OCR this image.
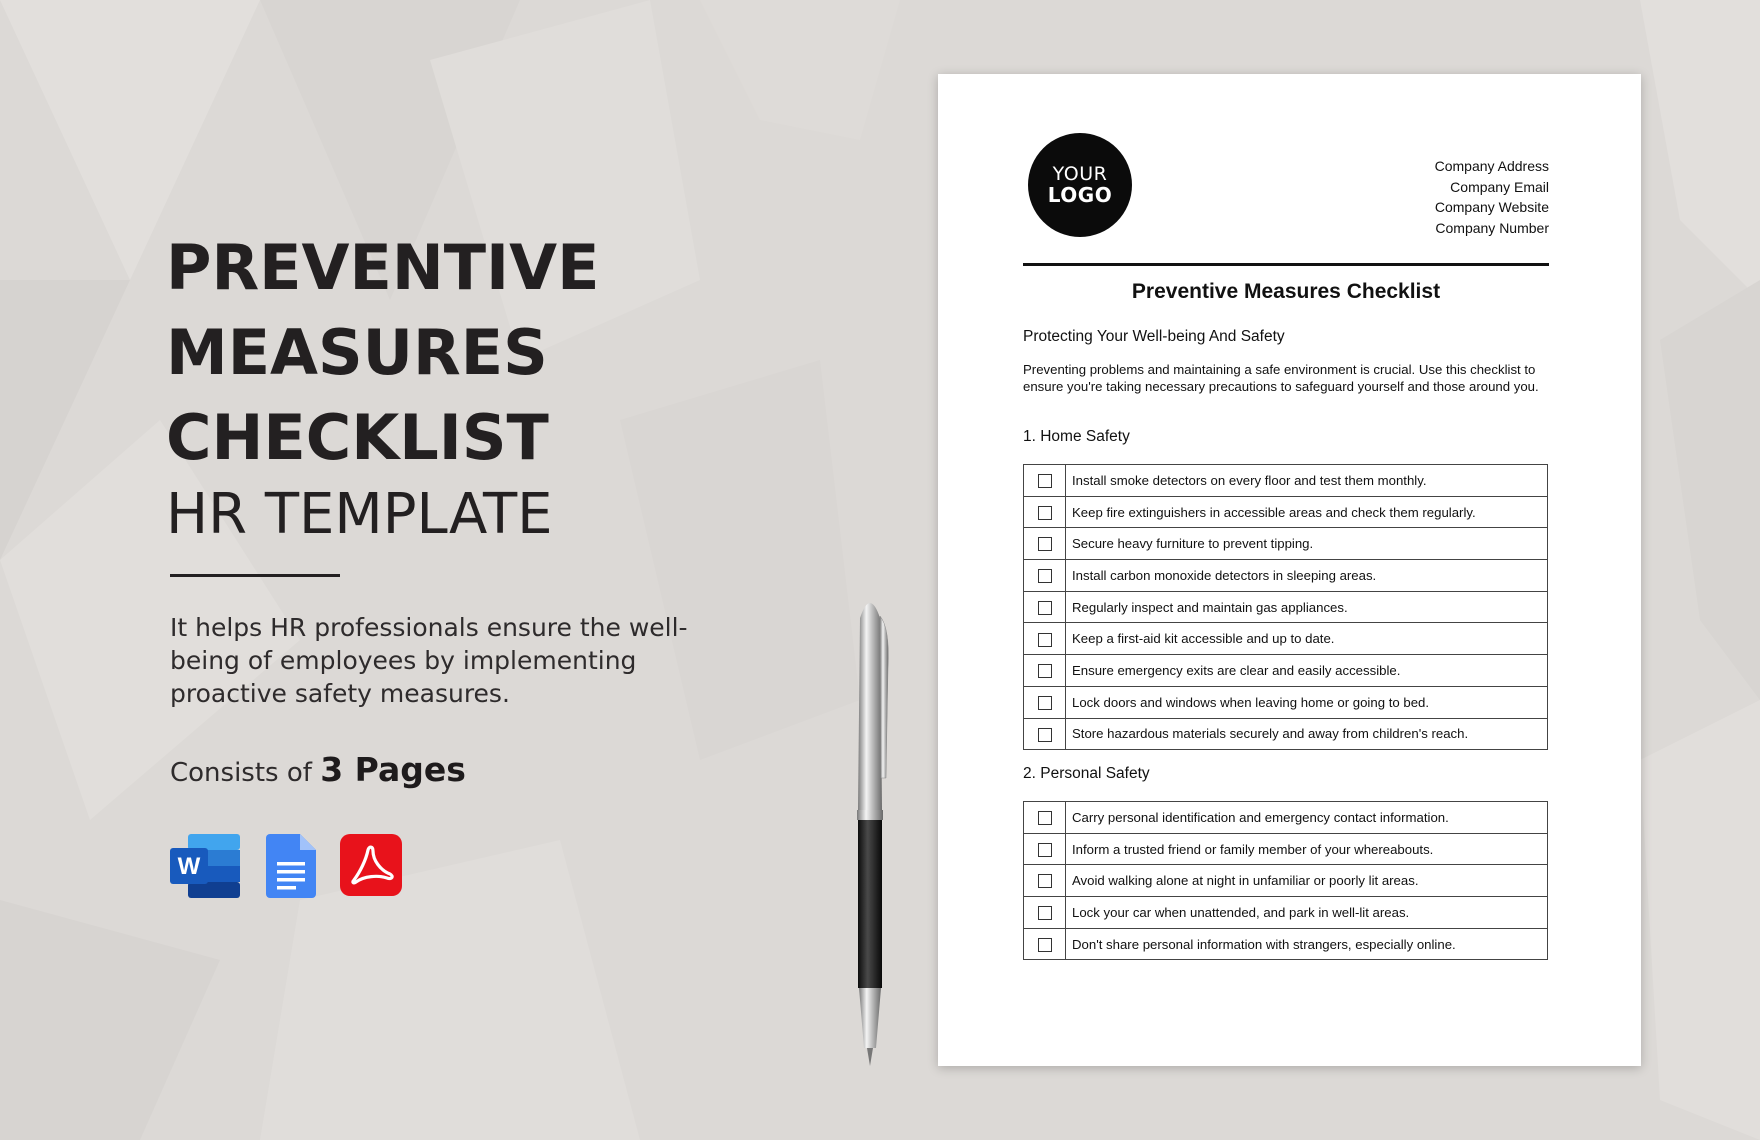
PREVENTIVE
MEASURES
CHECKLIST
HR TEMPLATE
It helps HR professionals ensure the well-being of employees by implementing proactive safety measures.
Consists of 3 Pages
W
YOUR
LOGO
Company Address
Company Email
Company Website
Company Number
Preventive Measures Checklist
Protecting Your Well-being And Safety
Preventing problems and maintaining a safe environment is crucial. Use this checklist to ensure you're taking necessary precautions to safeguard yourself and those around you.
1. Home Safety
	Install smoke detectors on every floor and test them monthly.
	Keep fire extinguishers in accessible areas and check them regularly.
	Secure heavy furniture to prevent tipping.
	Install carbon monoxide detectors in sleeping areas.
	Regularly inspect and maintain gas appliances.
	Keep a first-aid kit accessible and up to date.
	Ensure emergency exits are clear and easily accessible.
	Lock doors and windows when leaving home or going to bed.
	Store hazardous materials securely and away from children's reach.
2. Personal Safety
	Carry personal identification and emergency contact information.
	Inform a trusted friend or family member of your whereabouts.
	Avoid walking alone at night in unfamiliar or poorly lit areas.
	Lock your car when unattended, and park in well-lit areas.
	Don't share personal information with strangers, especially online.
